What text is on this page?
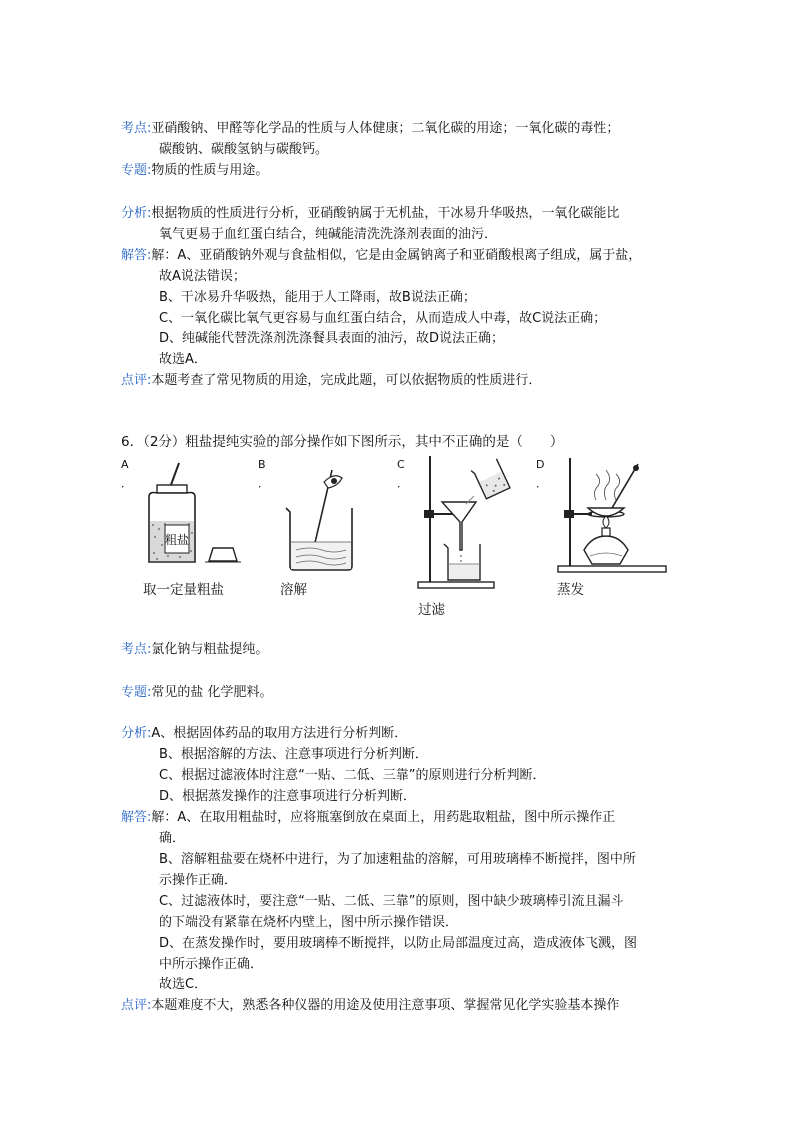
考点:亚硝酸钠、甲醛等化学品的性质与人体健康；二氧化碳的用途；一氧化碳的毒性；
碳酸钠、碳酸氢钠与碳酸钙。
专题:物质的性质与用途。
分析:根据物质的性质进行分析，亚硝酸钠属于无机盐，干冰易升华吸热，一氧化碳能比
氧气更易于血红蛋白结合，纯碱能清洗洗涤剂表面的油污．
解答:解：A、亚硝酸钠外观与食盐相似，它是由金属钠离子和亚硝酸根离子组成，属于盐，
故A说法错误；
B、干冰易升华吸热，能用于人工降雨，故B说法正确；
C、一氧化碳比氧气更容易与血红蛋白结合，从而造成人中毒，故C说法正确；
D、纯碱能代替洗涤剂洗涤餐具表面的油污，故D说法正确；
故选A．
点评:本题考查了常见物质的用途，完成此题，可以依据物质的性质进行．
6．（2分）粗盐提纯实验的部分操作如下图所示，其中不正确的是（　　）
A
．
B
．
C
．
D
．
粗盐
取一定量粗盐	溶解
过滤
蒸发
考点:氯化钠与粗盐提纯。
专题:常见的盐 化学肥料。
分析:A、根据固体药品的取用方法进行分析判断．
B、根据溶解的方法、注意事项进行分析判断．
C、根据过滤液体时注意“一贴、二低、三靠”的原则进行分析判断．
D、根据蒸发操作的注意事项进行分析判断．
解答:解：A、在取用粗盐时，应将瓶塞倒放在桌面上，用药匙取粗盐，图中所示操作正
确．
B、溶解粗盐要在烧杯中进行，为了加速粗盐的溶解，可用玻璃棒不断搅拌，图中所
示操作正确．
C、过滤液体时，要注意“一贴、二低、三靠”的原则，图中缺少玻璃棒引流且漏斗
的下端没有紧靠在烧杯内壁上，图中所示操作错误．
D、在蒸发操作时，要用玻璃棒不断搅拌，以防止局部温度过高，造成液体飞溅，图
中所示操作正确．
故选C．
点评:本题难度不大，熟悉各种仪器的用途及使用注意事项、掌握常见化学实验基本操作
